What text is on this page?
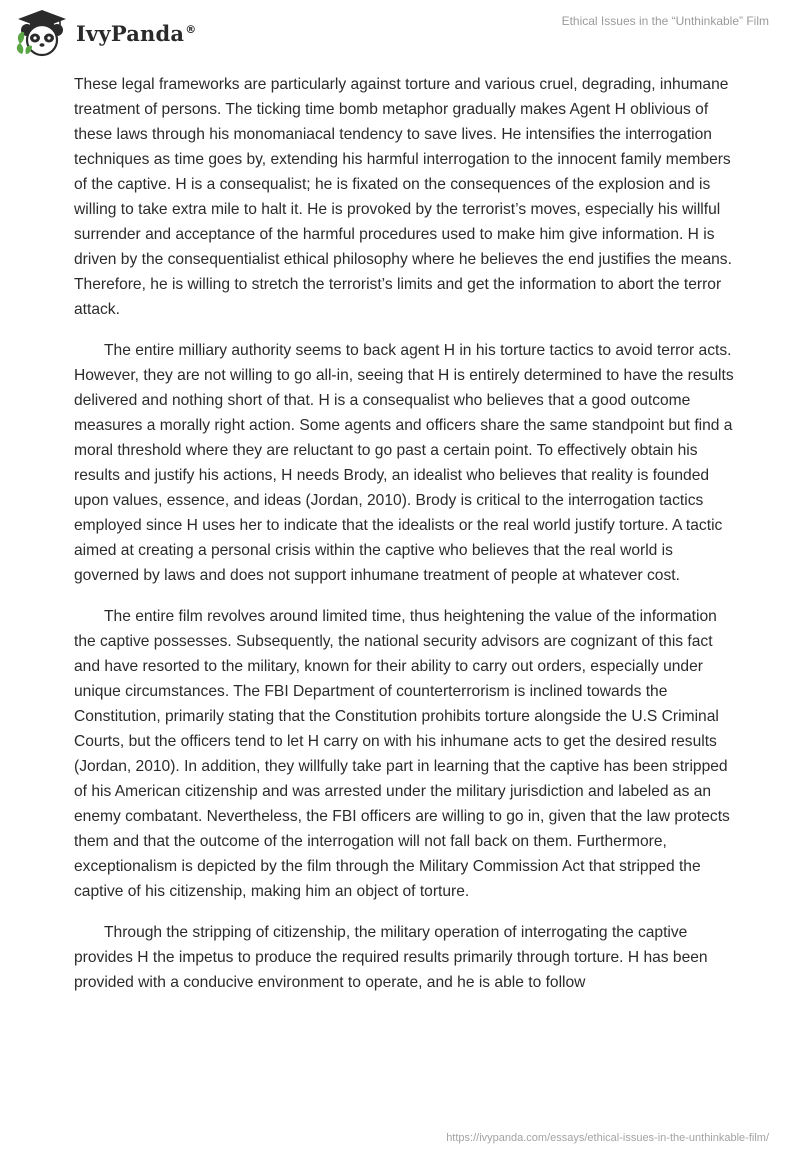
IvyPanda®
Ethical Issues in the “Unthinkable” Film

These legal frameworks are particularly against torture and various cruel, degrading, inhumane treatment of persons. The ticking time bomb metaphor gradually makes Agent H oblivious of these laws through his monomaniacal tendency to save lives. He intensifies the interrogation techniques as time goes by, extending his harmful interrogation to the innocent family members of the captive. H is a consequalist; he is fixated on the consequences of the explosion and is willing to take extra mile to halt it. He is provoked by the terrorist’s moves, especially his willful surrender and acceptance of the harmful procedures used to make him give information. H is driven by the consequentialist ethical philosophy where he believes the end justifies the means. Therefore, he is willing to stretch the terrorist’s limits and get the information to abort the terror attack.

The entire milliary authority seems to back agent H in his torture tactics to avoid terror acts. However, they are not willing to go all-in, seeing that H is entirely determined to have the results delivered and nothing short of that. H is a consequalist who believes that a good outcome measures a morally right action. Some agents and officers share the same standpoint but find a moral threshold where they are reluctant to go past a certain point. To effectively obtain his results and justify his actions, H needs Brody, an idealist who believes that reality is founded upon values, essence, and ideas (Jordan, 2010). Brody is critical to the interrogation tactics employed since H uses her to indicate that the idealists or the real world justify torture. A tactic aimed at creating a personal crisis within the captive who believes that the real world is governed by laws and does not support inhumane treatment of people at whatever cost.

The entire film revolves around limited time, thus heightening the value of the information the captive possesses. Subsequently, the national security advisors are cognizant of this fact and have resorted to the military, known for their ability to carry out orders, especially under unique circumstances. The FBI Department of counterterrorism is inclined towards the Constitution, primarily stating that the Constitution prohibits torture alongside the U.S Criminal Courts, but the officers tend to let H carry on with his inhumane acts to get the desired results (Jordan, 2010). In addition, they willfully take part in learning that the captive has been stripped of his American citizenship and was arrested under the military jurisdiction and labeled as an enemy combatant. Nevertheless, the FBI officers are willing to go in, given that the law protects them and that the outcome of the interrogation will not fall back on them. Furthermore, exceptionalism is depicted by the film through the Military Commission Act that stripped the captive of his citizenship, making him an object of torture.

Through the stripping of citizenship, the military operation of interrogating the captive provides H the impetus to produce the required results primarily through torture. H has been provided with a conducive environment to operate, and he is able to follow

https://ivypanda.com/essays/ethical-issues-in-the-unthinkable-film/
